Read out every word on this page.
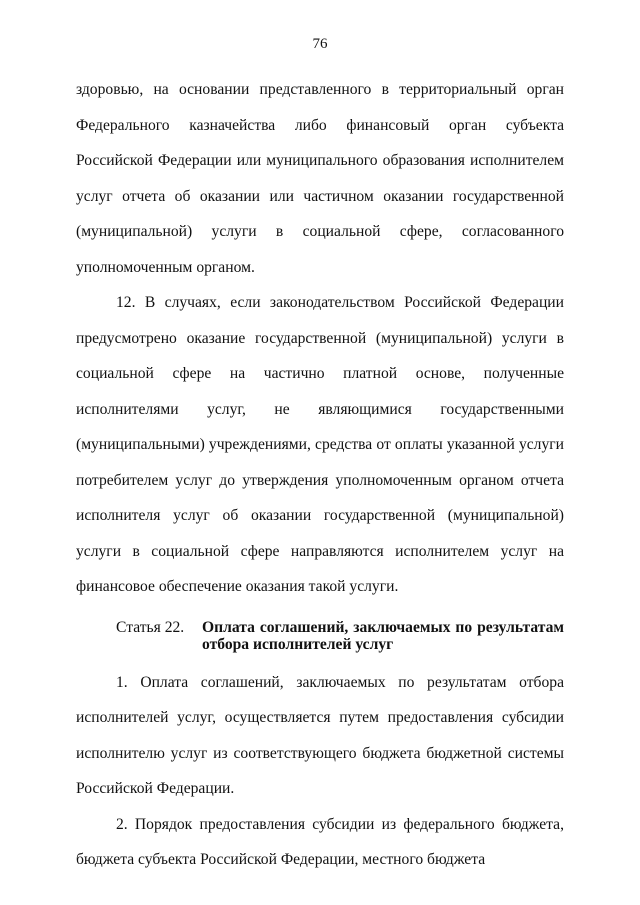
76

здоровью, на основании представленного в территориальный орган Федерального казначейства либо финансовый орган субъекта Российской Федерации или муниципального образования исполнителем услуг отчета об оказании или частичном оказании государственной (муниципальной) услуги в социальной сфере, согласованного уполномоченным органом.

12. В случаях, если законодательством Российской Федерации предусмотрено оказание государственной (муниципальной) услуги в социальной сфере на частично платной основе, полученные исполнителями услуг, не являющимися государственными (муниципальными) учреждениями, средства от оплаты указанной услуги потребителем услуг до утверждения уполномоченным органом отчета исполнителя услуг об оказании государственной (муниципальной) услуги в социальной сфере направляются исполнителем услуг на финансовое обеспечение оказания такой услуги.

Статья 22.	Оплата соглашений, заключаемых по результатам отбора исполнителей услуг

1. Оплата соглашений, заключаемых по результатам отбора исполнителей услуг, осуществляется путем предоставления субсидии исполнителю услуг из соответствующего бюджета бюджетной системы Российской Федерации.

2. Порядок предоставления субсидии из федерального бюджета, бюджета субъекта Российской Федерации, местного бюджета
